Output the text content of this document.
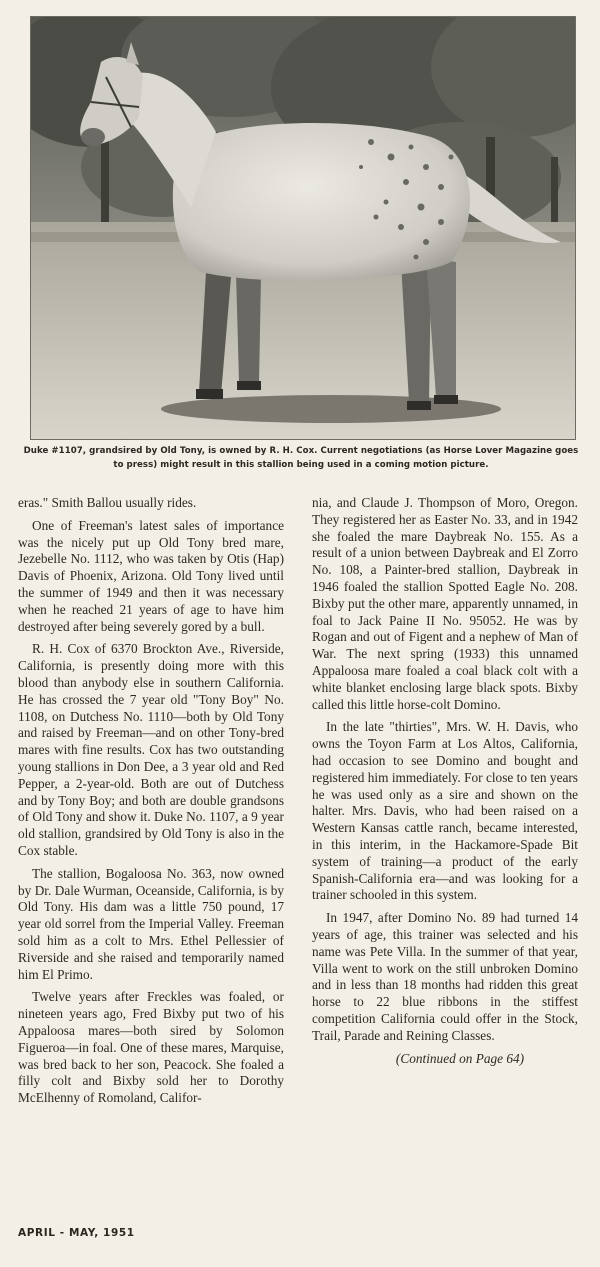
Duke #1107, grandsired by Old Tony, is owned by R. H. Cox. Current negotiations (as Horse Lover Magazine goes to press) might result in this stallion being used in a coming motion picture.

eras." Smith Ballou usually rides.

One of Freeman's latest sales of importance was the nicely put up Old Tony bred mare, Jezebelle No. 1112, who was taken by Otis (Hap) Davis of Phoenix, Arizona. Old Tony lived until the summer of 1949 and then it was necessary when he reached 21 years of age to have him destroyed after being severely gored by a bull.

R. H. Cox of 6370 Brockton Ave., Riverside, California, is presently doing more with this blood than anybody else in southern California. He has crossed the 7 year old "Tony Boy" No. 1108, on Dutchess No. 1110—both by Old Tony and raised by Freeman—and on other Tony-bred mares with fine results. Cox has two outstanding young stallions in Don Dee, a 3 year old and Red Pepper, a 2-year-old. Both are out of Dutchess and by Tony Boy; and both are double grandsons of Old Tony and show it. Duke No. 1107, a 9 year old stallion, grandsired by Old Tony is also in the Cox stable.

The stallion, Bogaloosa No. 363, now owned by Dr. Dale Wurman, Oceanside, California, is by Old Tony. His dam was a little 750 pound, 17 year old sorrel from the Imperial Valley. Freeman sold him as a colt to Mrs. Ethel Pellessier of Riverside and she raised and temporarily named him El Primo.

Twelve years after Freckles was foaled, or nineteen years ago, Fred Bixby put two of his Appaloosa mares—both sired by Solomon Figueroa—in foal. One of these mares, Marquise, was bred back to her son, Peacock. She foaled a filly colt and Bixby sold her to Dorothy McElhenny of Romoland, Califor-

nia, and Claude J. Thompson of Moro, Oregon. They registered her as Easter No. 33, and in 1942 she foaled the mare Daybreak No. 155. As a result of a union between Daybreak and El Zorro No. 108, a Painter-bred stallion, Daybreak in 1946 foaled the stallion Spotted Eagle No. 208. Bixby put the other mare, apparently unnamed, in foal to Jack Paine II No. 95052. He was by Rogan and out of Figent and a nephew of Man of War. The next spring (1933) this unnamed Appaloosa mare foaled a coal black colt with a white blanket enclosing large black spots. Bixby called this little horse-colt Domino.

In the late "thirties", Mrs. W. H. Davis, who owns the Toyon Farm at Los Altos, California, had occasion to see Domino and bought and registered him immediately. For close to ten years he was used only as a sire and shown on the halter. Mrs. Davis, who had been raised on a Western Kansas cattle ranch, became interested, in this interim, in the Hackamore-Spade Bit system of training—a product of the early Spanish-California era—and was looking for a trainer schooled in this system.

In 1947, after Domino No. 89 had turned 14 years of age, this trainer was selected and his name was Pete Villa. In the summer of that year, Villa went to work on the still unbroken Domino and in less than 18 months had ridden this great horse to 22 blue ribbons in the stiffest competition California could offer in the Stock, Trail, Parade and Reining Classes.

(Continued on Page 64)

APRIL - MAY, 1951
